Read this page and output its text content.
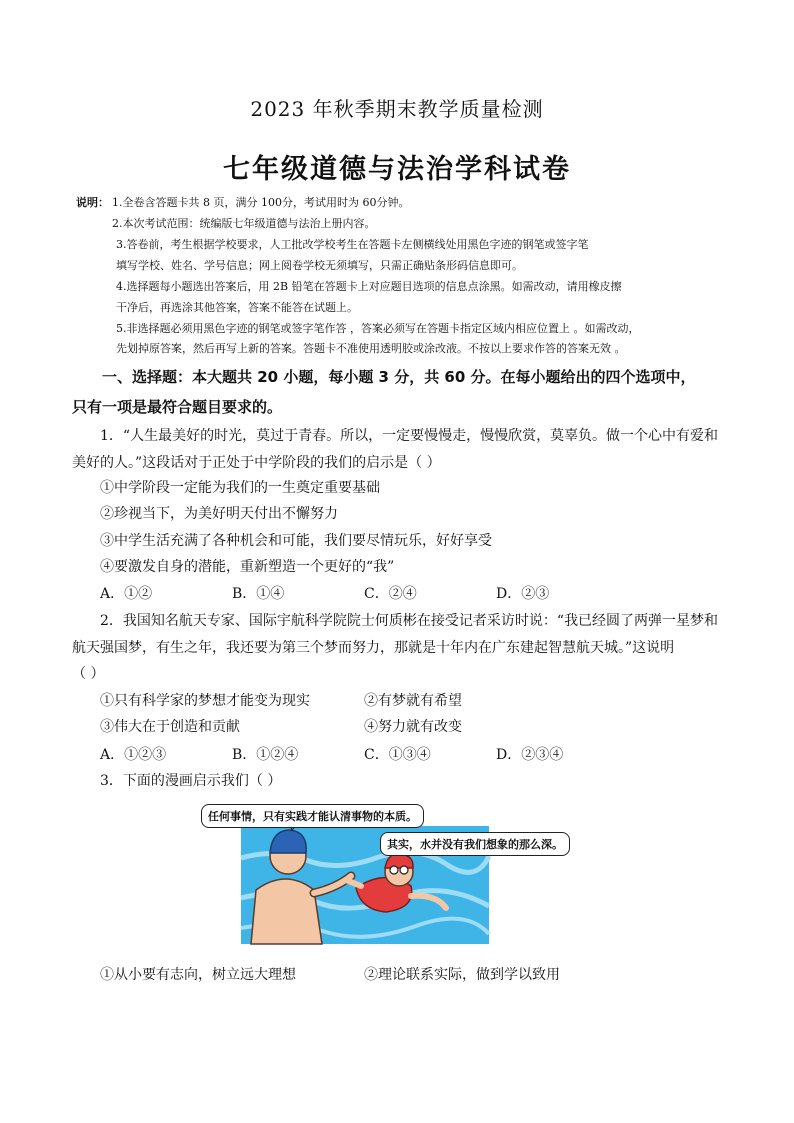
2023 年秋季期末教学质量检测
七年级道德与法治学科试卷
说明： 1.全卷含答题卡共 8 页，满分 100分，考试用时为 60分钟。
2.本次考试范围：统编版七年级道德与法治上册内容。
3.答卷前，考生根据学校要求，人工批改学校考生在答题卡左侧横线处用黑色字迹的钢笔或签字笔
填写学校、姓名、学号信息；网上阅卷学校无须填写，只需正确贴条形码信息即可。
4.选择题每小题选出答案后，用 2B 铅笔在答题卡上对应题目选项的信息点涂黑。如需改动，请用橡皮擦
干净后，再选涂其他答案，答案不能答在试题上。
5.非选择题必须用黑色字迹的钢笔或签字笔作答 ，答案必须写在答题卡指定区域内相应位置上 。如需改动，
先划掉原答案，然后再写上新的答案。答题卡不准使用透明胶或涂改液。不按以上要求作答的答案无效 。
一、选择题：本大题共 20 小题，每小题 3 分，共 60 分。在每小题给出的四个选项中，
只有一项是最符合题目要求的。
1．“人生最美好的时光，莫过于青春。所以，一定要慢慢走，慢慢欣赏，莫辜负。做一个心中有爱和
美好的人。”这段话对于正处于中学阶段的我们的启示是（ ）
①中学阶段一定能为我们的一生奠定重要基础
②珍视当下，为美好明天付出不懈努力
③中学生活充满了各种机会和可能，我们要尽情玩乐，好好享受
④要激发自身的潜能，重新塑造一个更好的“我”
A．①②	B．①④	C．②④	D．②③
2．我国知名航天专家、国际宇航科学院院士何质彬在接受记者采访时说：“我已经圆了两弹一星梦和
航天强国梦，有生之年，我还要为第三个梦而努力，那就是十年内在广东建起智慧航天城。”这说明
（ ）
①只有科学家的梦想才能变为现实	②有梦就有希望
③伟大在于创造和贡献	④努力就有改变
A．①②③	B．①②④	C．①③④	D．②③④
3．下面的漫画启示我们（ ）
任何事情，只有实践才能认清事物的本质。
其实，水并没有我们想象的那么深。
①从小要有志向，树立远大理想	②理论联系实际，做到学以致用
